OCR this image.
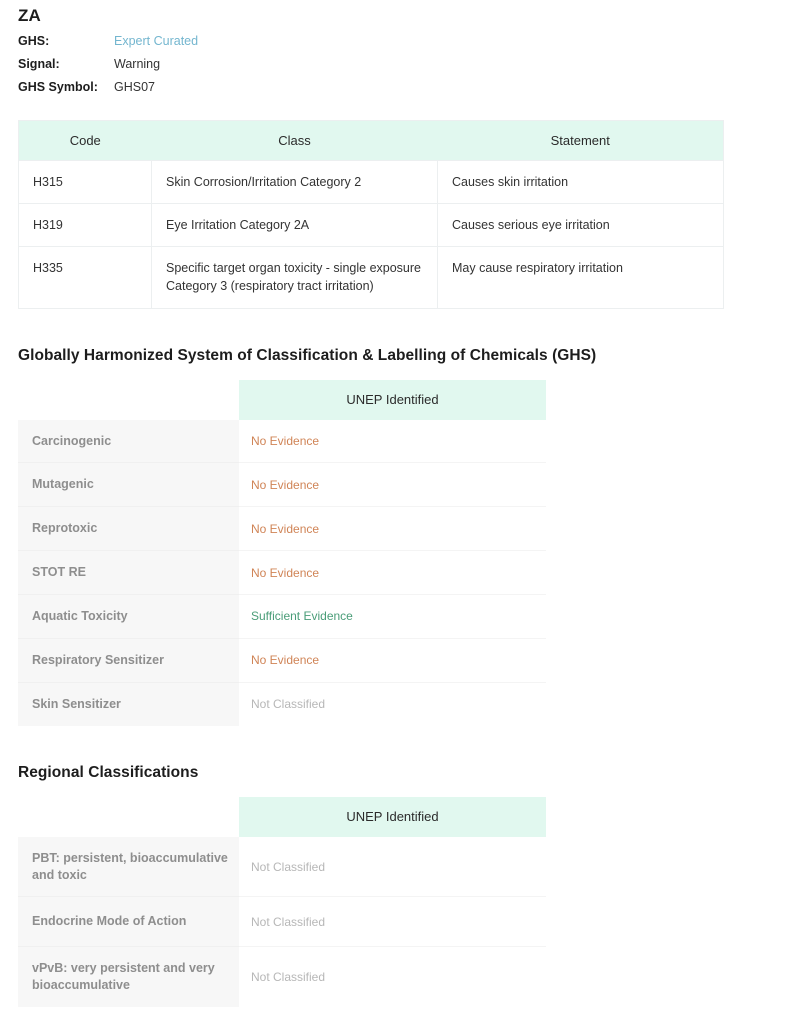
ZA
GHS:	Expert Curated
Signal:	Warning
GHS Symbol:	GHS07
Code	Class	Statement
H315	Skin Corrosion/Irritation Category 2	Causes skin irritation
H319	Eye Irritation Category 2A	Causes serious eye irritation
H335	Specific target organ toxicity - single exposure Category 3 (respiratory tract irritation)	May cause respiratory irritation
Globally Harmonized System of Classification & Labelling of Chemicals (GHS)
	UNEP Identified
Carcinogenic	No Evidence
Mutagenic	No Evidence
Reprotoxic	No Evidence
STOT RE	No Evidence
Aquatic Toxicity	Sufficient Evidence
Respiratory Sensitizer	No Evidence
Skin Sensitizer	Not Classified
Regional Classifications
	UNEP Identified
PBT: persistent, bioaccumulative and toxic	Not Classified
Endocrine Mode of Action	Not Classified
vPvB: very persistent and very bioaccumulative	Not Classified
